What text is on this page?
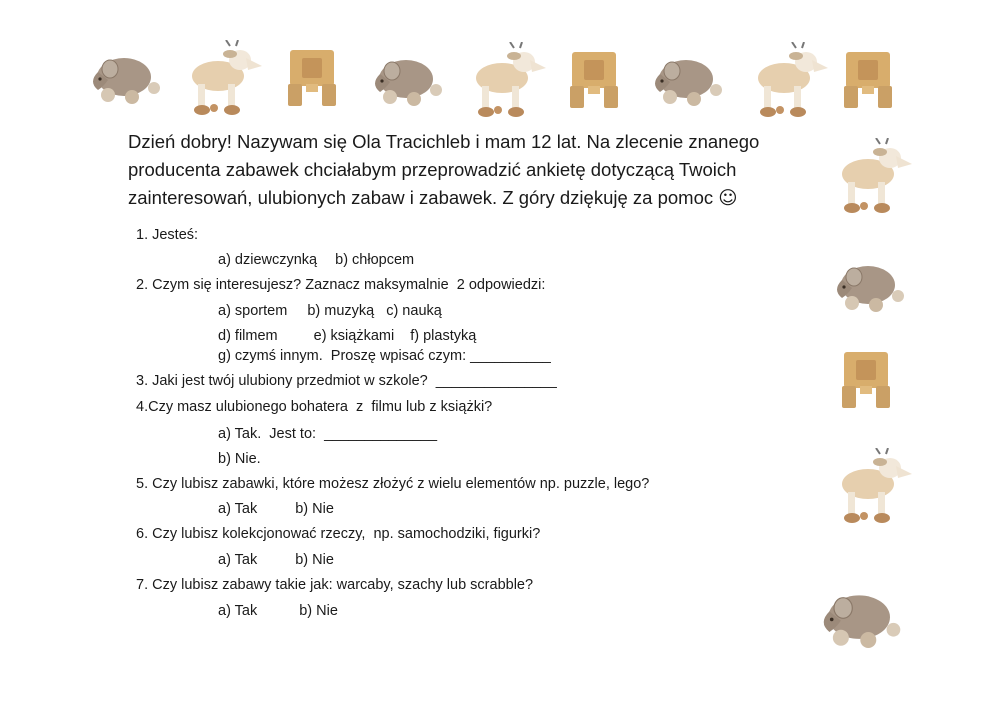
Dzień dobry! Nazywam się Ola Tracichleb i mam 12 lat. Na zlecenie znanego producenta zabawek chciałabym przeprowadzić ankietę dotyczącą Twoich zainteresowań, ulubionych zabaw i zabawek. Z góry dziękuję za pomoc ☺
1. Jesteś:
a) dziewczynką b) chłopcem
2. Czym się interesujesz? Zaznacz maksymalnie  2 odpowiedzi:
a) sportem b) muzyką c) nauką
d) filmem e) książkami f) plastyką
g) czymś innym.  Proszę wpisać czym: __________
3. Jaki jest twój ulubiony przedmiot w szkole?  _______________
4.Czy masz ulubionego bohatera  z  filmu lub z książki?
a) Tak.  Jest to:  ______________
b) Nie.
5. Czy lubisz zabawki, które możesz złożyć z wielu elementów np. puzzle, lego?
a) Tak	b) Nie
6. Czy lubisz kolekcjonować rzeczy,  np. samochodziki, figurki?
a) Tak	b) Nie
7. Czy lubisz zabawy takie jak: warcaby, szachy lub scrabble?
a) Tak	b) Nie
